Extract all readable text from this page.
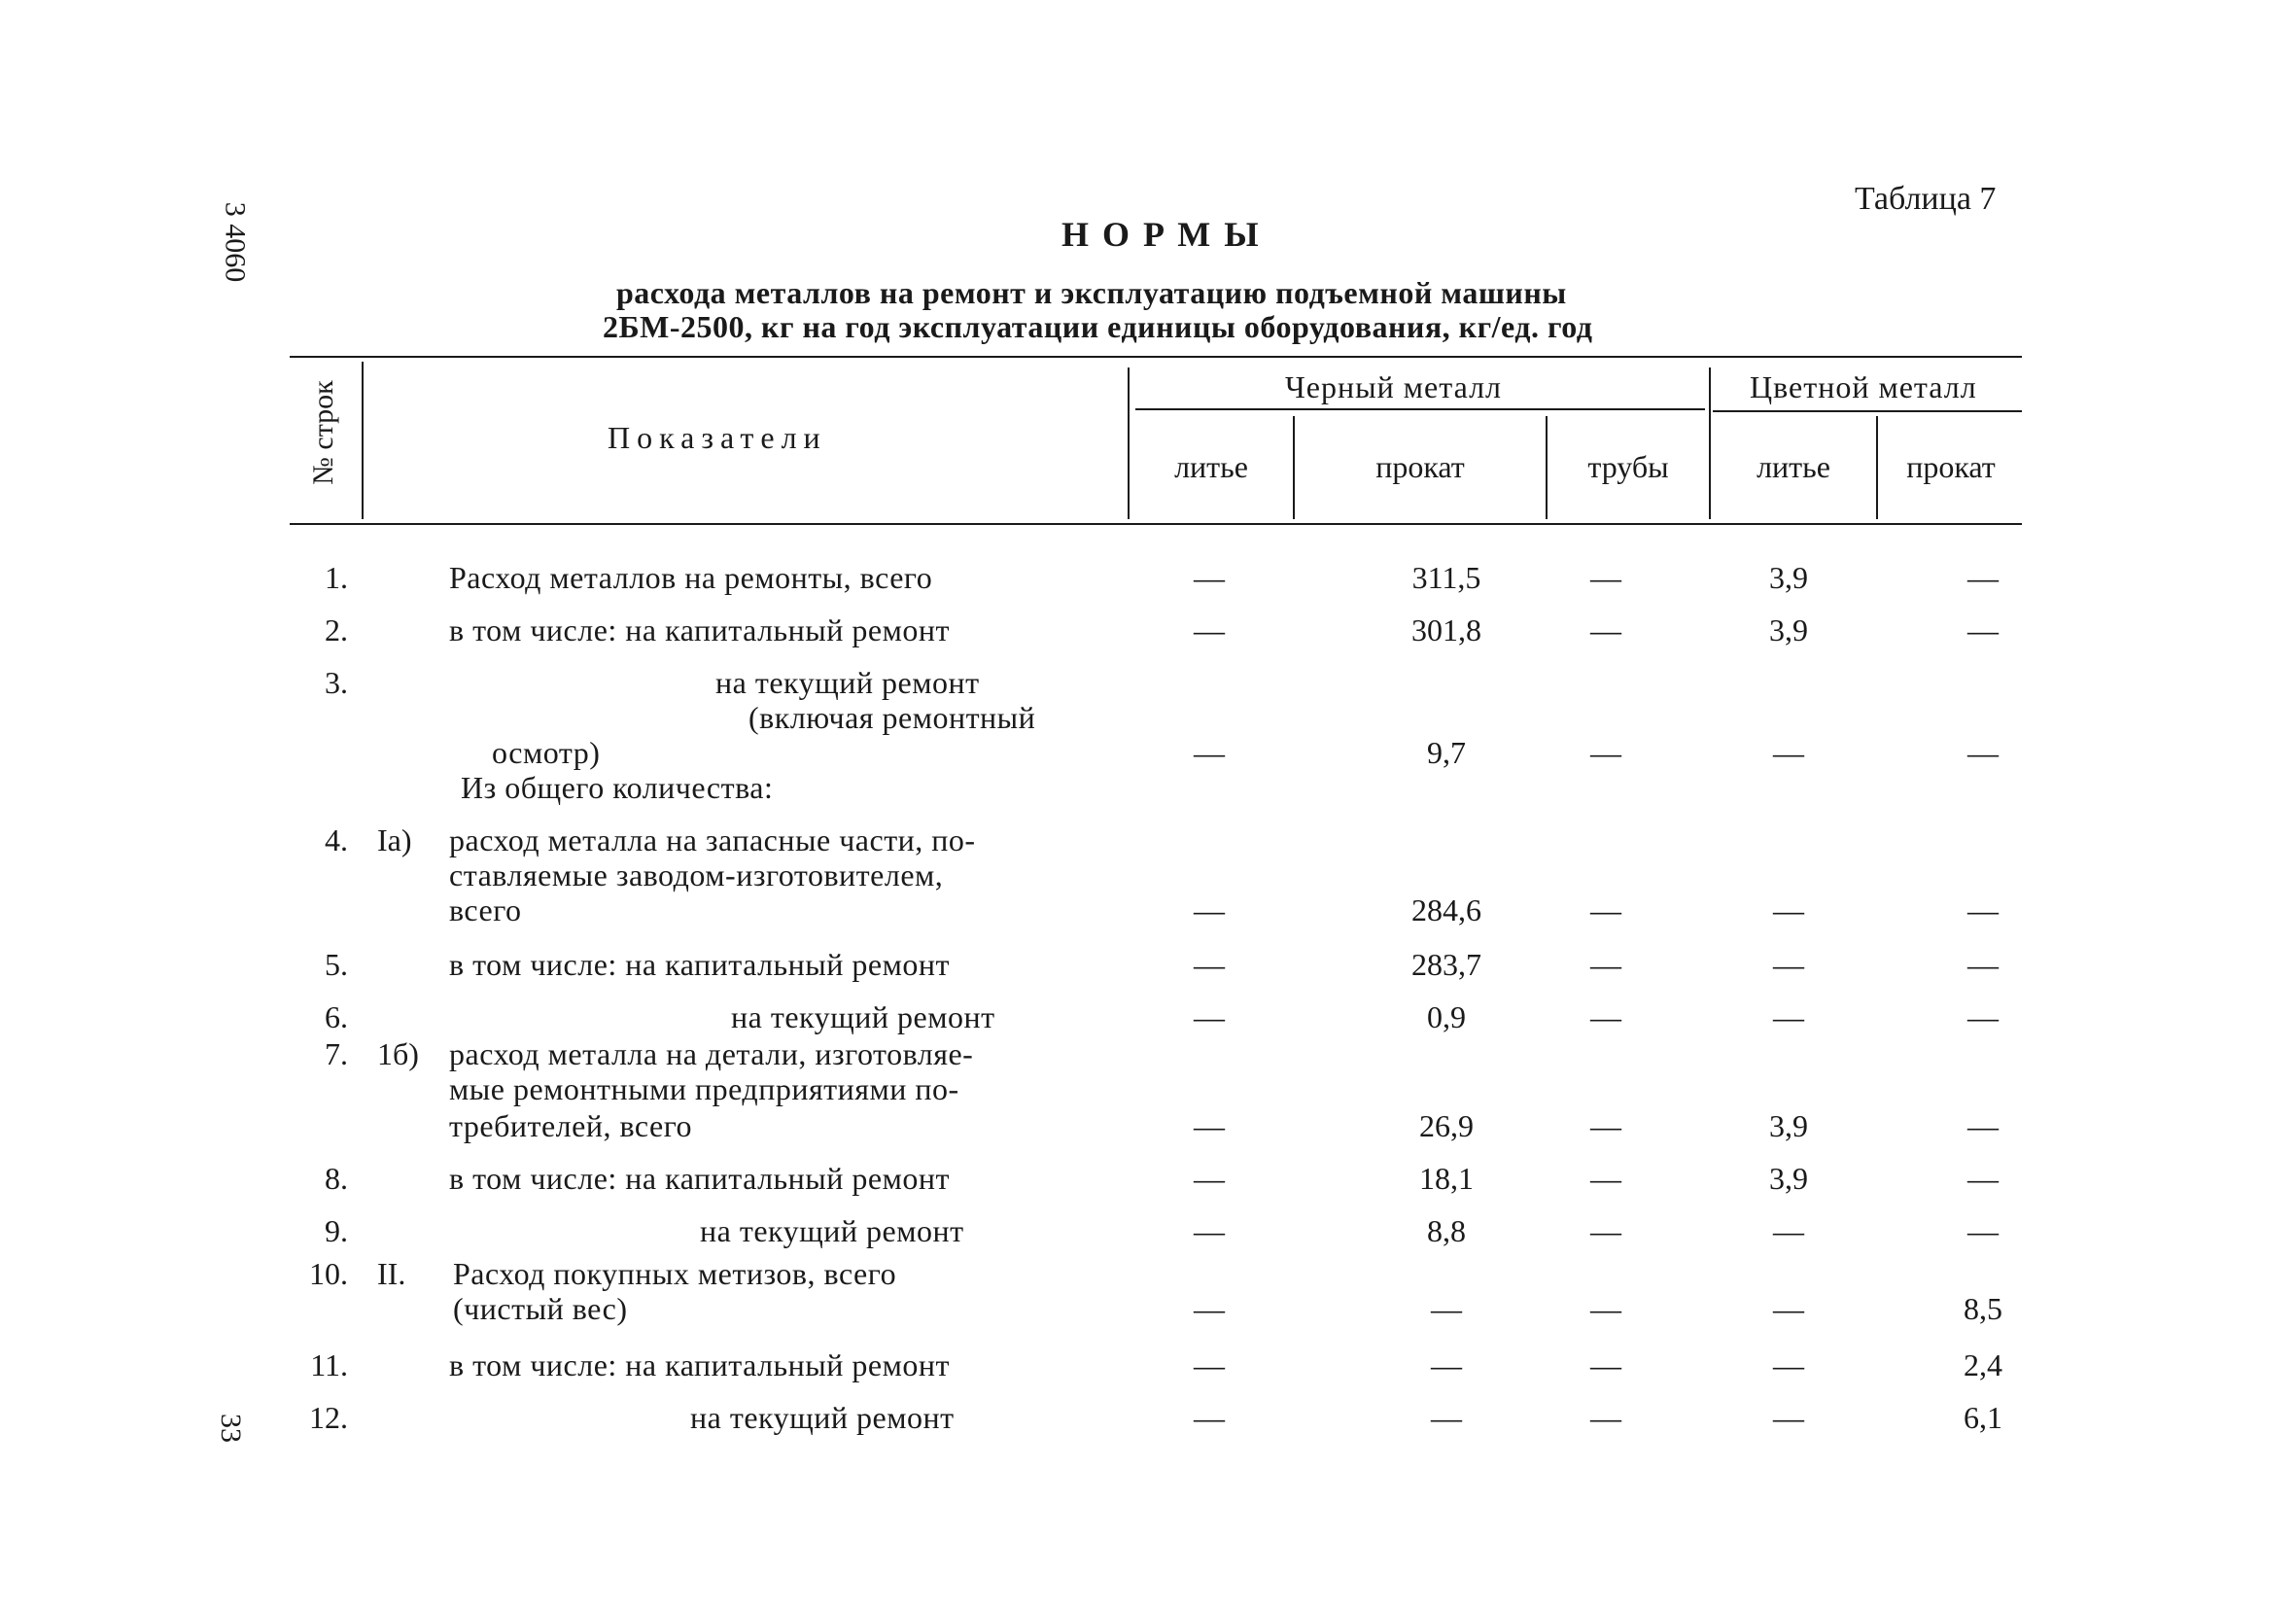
3 4060
33
Таблица 7
НОРМЫ
расхода металлов на ремонт и эксплуатацию подъемной машины
2БМ-2500, кг на год эксплуатации единицы оборудования, кг/ед. год
№ строк	Показатели
Черный металл	Цветной металл
литье	прокат	трубы	литье	прокат
1.	Расход металлов на ремонты, всего	—	311,5	—	3,9	—
2.	в том числе: на капитальный ремонт	—	301,8	—	3,9	—
3.	на текущий ремонт
(включая ремонтный
осмотр)	—	9,7	—	—	—
Из общего количества:
4. Iа) расход металла на запасные части, по-
ставляемые заводом-изготовителем,
всего	—	284,6	—	—	—
5.	в том числе: на капитальный ремонт	—	283,7	—	—	—
6.	на текущий ремонт	—	0,9	—	—	—
7. 1б) расход металла на детали, изготовляе-
мые ремонтными предприятиями по-
требителей, всего	—	26,9	—	3,9	—
8.	в том числе: на капитальный ремонт	—	18,1	—	3,9	—
9.	на текущий ремонт	—	8,8	—	—	—
10. II. Расход покупных метизов, всего
(чистый вес)	—	—	—	—	8,5
11.	в том числе: на капитальный ремонт	—	—	—	—	2,4
12.	на текущий ремонт	—	—	—	—	6,1
